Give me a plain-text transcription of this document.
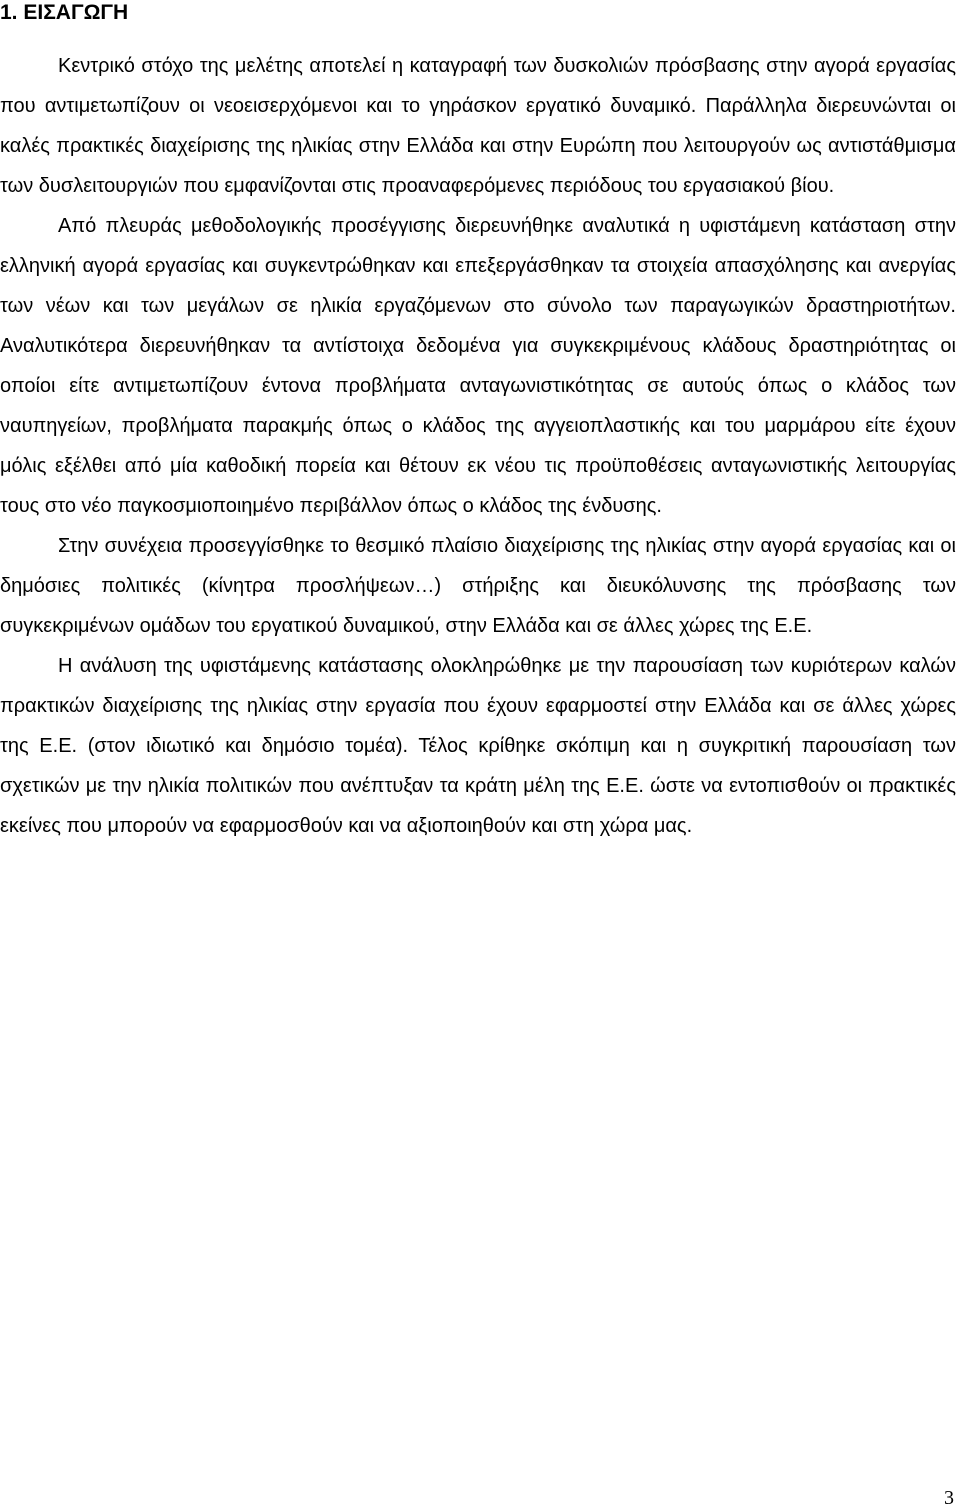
1. ΕΙΣΑΓΩΓΗ

Κεντρικό στόχο της μελέτης αποτελεί η καταγραφή των δυσκολιών πρόσβασης στην αγορά εργασίας που αντιμετωπίζουν οι νεοεισερχόμενοι και το γηράσκον εργατικό δυναμικό. Παράλληλα διερευνώνται οι καλές πρακτικές διαχείρισης της ηλικίας στην Ελλάδα και στην Ευρώπη που λειτουργούν ως αντιστάθμισμα των δυσλειτουργιών που εμφανίζονται στις προαναφερόμενες περιόδους του εργασιακού βίου.

Από πλευράς μεθοδολογικής προσέγγισης διερευνήθηκε αναλυτικά η υφιστάμενη κατάσταση στην ελληνική αγορά εργασίας και συγκεντρώθηκαν και επεξεργάσθηκαν τα στοιχεία απασχόλησης και ανεργίας των νέων και των μεγάλων σε ηλικία εργαζόμενων στο σύνολο των παραγωγικών δραστηριοτήτων. Αναλυτικότερα διερευνήθηκαν τα αντίστοιχα δεδομένα για συγκεκριμένους κλάδους δραστηριότητας οι οποίοι είτε αντιμετωπίζουν έντονα προβλήματα ανταγωνιστικότητας σε αυτούς όπως ο κλάδος των ναυπηγείων, προβλήματα παρακμής όπως ο κλάδος της αγγειοπλαστικής και του μαρμάρου είτε έχουν μόλις εξέλθει από μία καθοδική πορεία και θέτουν εκ νέου τις προϋποθέσεις ανταγωνιστικής λειτουργίας τους στο νέο παγκοσμιοποιημένο περιβάλλον όπως ο κλάδος της ένδυσης.

Στην συνέχεια προσεγγίσθηκε το θεσμικό πλαίσιο διαχείρισης της ηλικίας στην αγορά εργασίας και οι δημόσιες πολιτικές (κίνητρα προσλήψεων…) στήριξης και διευκόλυνσης της πρόσβασης των συγκεκριμένων ομάδων του εργατικού δυναμικού, στην Ελλάδα και σε άλλες χώρες της Ε.Ε.

Η ανάλυση της υφιστάμενης κατάστασης ολοκληρώθηκε με την παρουσίαση των κυριότερων καλών πρακτικών διαχείρισης της ηλικίας στην εργασία που έχουν εφαρμοστεί στην Ελλάδα και σε άλλες χώρες της Ε.Ε. (στον ιδιωτικό και δημόσιο τομέα). Τέλος κρίθηκε σκόπιμη και η συγκριτική παρουσίαση των σχετικών με την ηλικία πολιτικών που ανέπτυξαν τα κράτη μέλη της Ε.Ε. ώστε να εντοπισθούν οι πρακτικές εκείνες που μπορούν να εφαρμοσθούν και να αξιοποιηθούν και στη χώρα μας.

3
